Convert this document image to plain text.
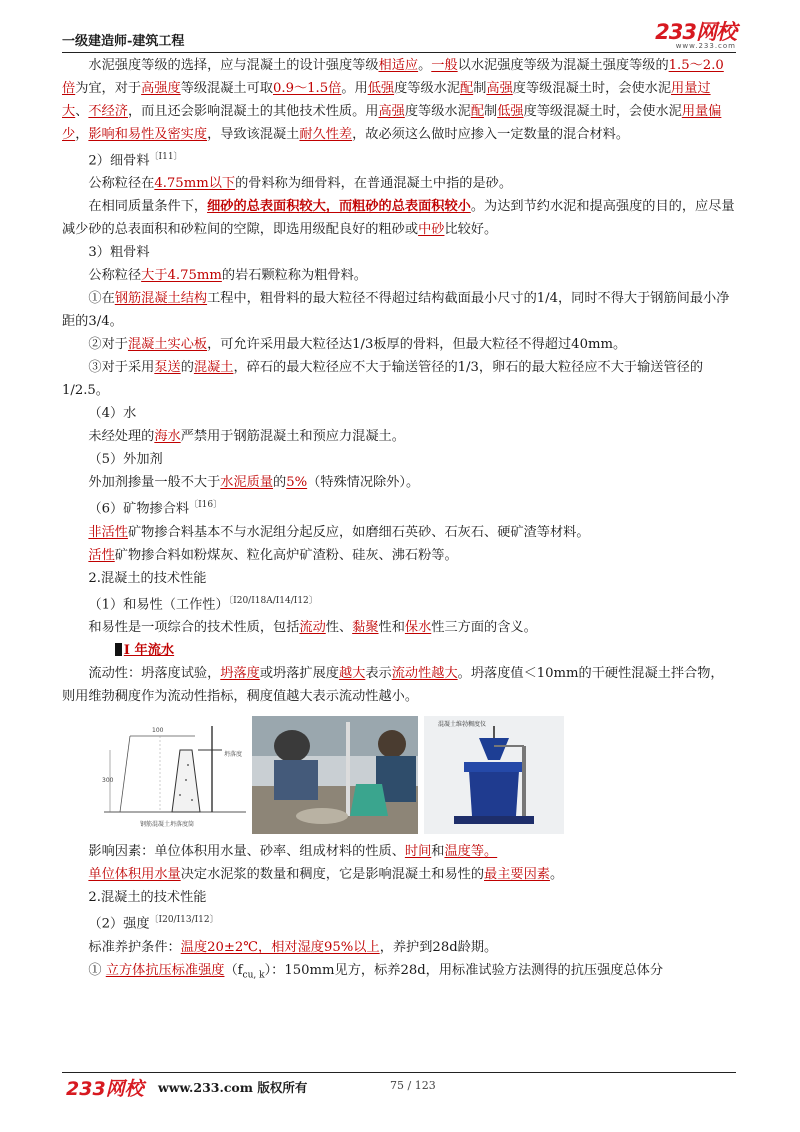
一级建造师-建筑工程	233网校
www.233.com

水泥强度等级的选择，应与混凝土的设计强度等级相适应。一般以水泥强度等级为混凝土强度等级的1.5～2.0倍为宜，对于高强度等级混凝土可取0.9～1.5倍。用低强度等级水泥配制高强度等级混凝土时，会使水泥用量过大、不经济，而且还会影响混凝土的其他技术性质。用高强度等级水泥配制低强度等级混凝土时，会使水泥用量偏少，影响和易性及密实度，导致该混凝土耐久性差，故必须这么做时应掺入一定数量的混合材料。

2）细骨料$^{〔Ⅰ11〕}$

公称粒径在4.75mm以下的骨料称为细骨料，在普通混凝土中指的是砂。

在相同质量条件下，细砂的总表面积较大，而粗砂的总表面积较小。为达到节约水泥和提高强度的目的，应尽量减少砂的总表面积和砂粒间的空隙，即选用级配良好的粗砂或中砂比较好。

3）粗骨料

公称粒径大于4.75mm的岩石颗粒称为粗骨料。

①在钢筋混凝土结构工程中，粗骨料的最大粒径不得超过结构截面最小尺寸的1/4，同时不得大于钢筋间最小净距的3/4。

②对于混凝土实心板，可允许采用最大粒径达1/3板厚的骨料，但最大粒径不得超过40mm。

③对于采用泵送的混凝土，碎石的最大粒径应不大于输送管径的1/3，卵石的最大粒径应不大于输送管径的1/2.5。

（4）水

未经处理的海水严禁用于钢筋混凝土和预应力混凝土。

（5）外加剂

外加剂掺量一般不大于水泥质量的5%（特殊情况除外）。

（6）矿物掺合料$^{〔Ⅰ16〕}$

非活性矿物掺合料基本不与水泥组分起反应，如磨细石英砂、石灰石、硬矿渣等材料。

活性矿物掺合料如粉煤灰、粒化高炉矿渣粉、硅灰、沸石粉等。

2.混凝土的技术性能

（1）和易性（工作性）$^{〔Ⅰ20/Ⅰ18A/Ⅰ14/Ⅰ12〕}$

和易性是一项综合的技术性质，包括流动性、黏聚性和保水性三方面的含义。

Ⅰ 年流水

流动性：坍落度试验，坍落度或坍落扩展度越大表示流动性越大。坍落度值＜10mm的干硬性混凝土拌合物，则用维勃稠度作为流动性指标，稠度值越大表示流动性越小。

100
300
坍落度
钢筋混凝土坍落度筒
混凝土维勃稠度仪

影响因素：单位体积用水量、砂率、组成材料的性质、时间和温度等。

单位体积用水量决定水泥浆的数量和稠度，它是影响混凝土和易性的最主要因素。

2.混凝土的技术性能

（2）强度$^{〔Ⅰ20/Ⅰ13/Ⅰ12〕}$

标准养护条件：温度20±2℃，相对湿度95%以上，养护到28d龄期。

① 立方体抗压标准强度$(f_{cu, k})$：150mm见方，标养28d，用标准试验方法测得的抗压强度总体分

233网校 www.233.com 版权所有	75 / 123
